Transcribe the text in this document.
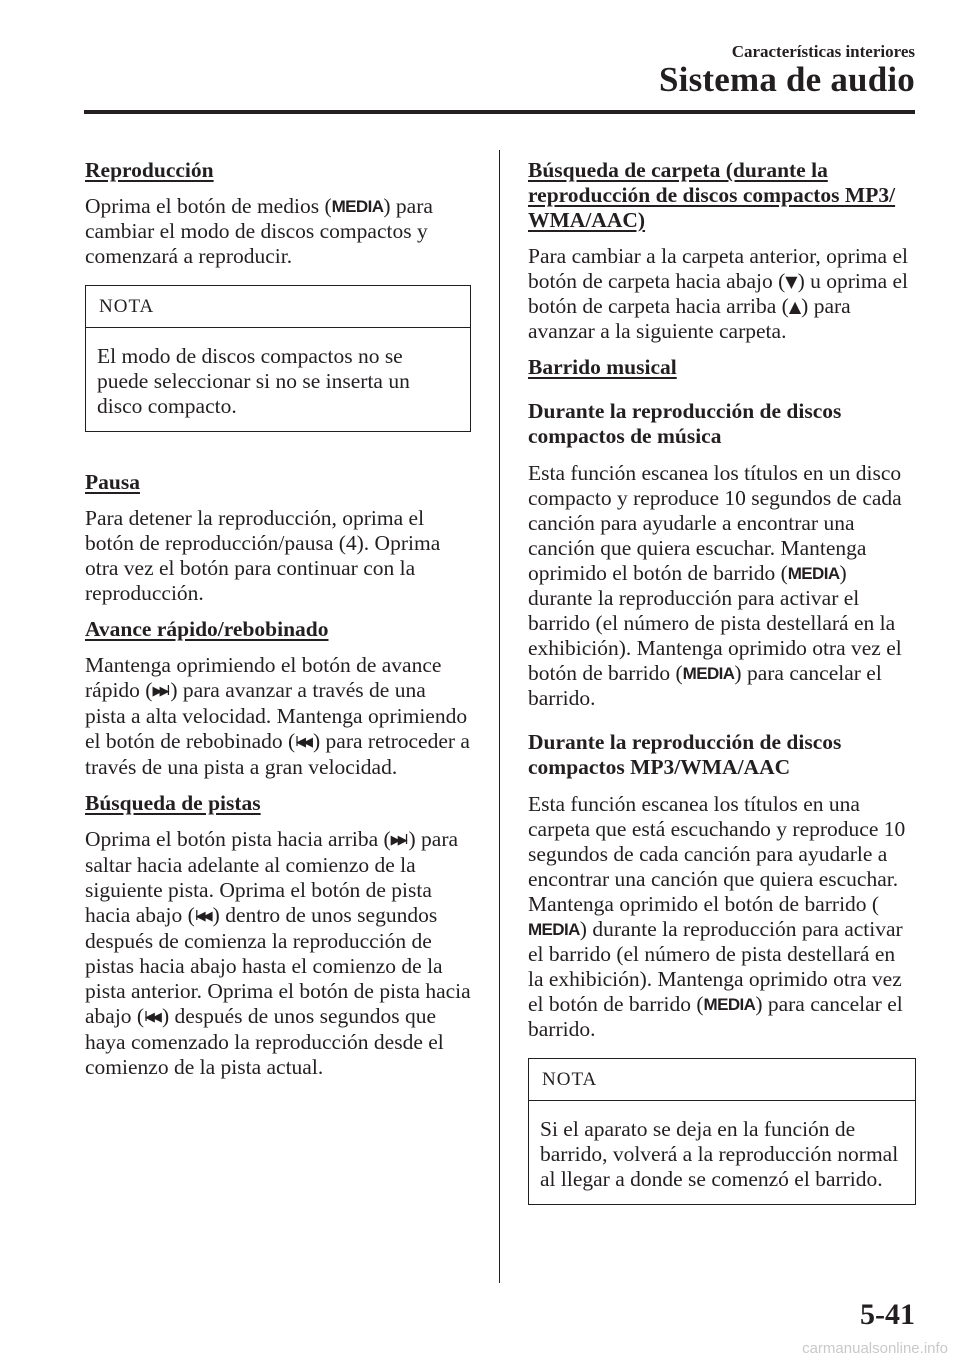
Características interiores
Sistema de audio
Reproducción

Oprima el botón de medios (MEDIA) para cambiar el modo de discos compactos y comenzará a reproducir.

NOTA
El modo de discos compactos no se puede seleccionar si no se inserta un disco compacto.
Pausa

Para detener la reproducción, oprima el botón de reproducción/pausa (4). Oprima otra vez el botón para continuar con la reproducción.

Avance rápido/rebobinado

Mantenga oprimiendo el botón de avance rápido (▶▶I ) para avanzar a través de una pista a alta velocidad. Mantenga oprimiendo el botón de rebobinado (I◀◀ ) para retroceder a través de una pista a gran velocidad.

Búsqueda de pistas

Oprima el botón pista hacia arriba (▶▶I ) para saltar hacia adelante al comienzo de la siguiente pista. Oprima el botón de pista hacia abajo (I◀◀ ) dentro de unos segundos después de comienza la reproducción de pistas hacia abajo hasta el comienzo de la pista anterior. Oprima el botón de pista hacia abajo (I◀◀ ) después de unos segundos que haya comenzado la reproducción desde el comienzo de la pista actual.

Búsqueda de carpeta (durante la reproducción de discos compactos MP3/ WMA/AAC)

Para cambiar a la carpeta anterior, oprima el botón de carpeta hacia abajo (▼) u oprima el botón de carpeta hacia arriba (▲) para avanzar a la siguiente carpeta.

Barrido musical

Durante la reproducción de discos compactos de música

Esta función escanea los títulos en un disco compacto y reproduce 10 segundos de cada canción para ayudarle a encontrar una canción que quiera escuchar. Mantenga oprimido el botón de barrido (MEDIA) durante la reproducción para activar el barrido (el número de pista destellará en la exhibición). Mantenga oprimido otra vez el botón de barrido (MEDIA) para cancelar el barrido.

Durante la reproducción de discos compactos MP3/WMA/AAC

Esta función escanea los títulos en una carpeta que está escuchando y reproduce 10 segundos de cada canción para ayudarle a encontrar una canción que quiera escuchar. Mantenga oprimido el botón de barrido (MEDIA) durante la reproducción para activar el barrido (el número de pista destellará en la exhibición). Mantenga oprimido otra vez el botón de barrido (MEDIA) para cancelar el barrido.

NOTA
Si el aparato se deja en la función de barrido, volverá a la reproducción normal al llegar a donde se comenzó el barrido.
5-41
carmanualsonline.info
